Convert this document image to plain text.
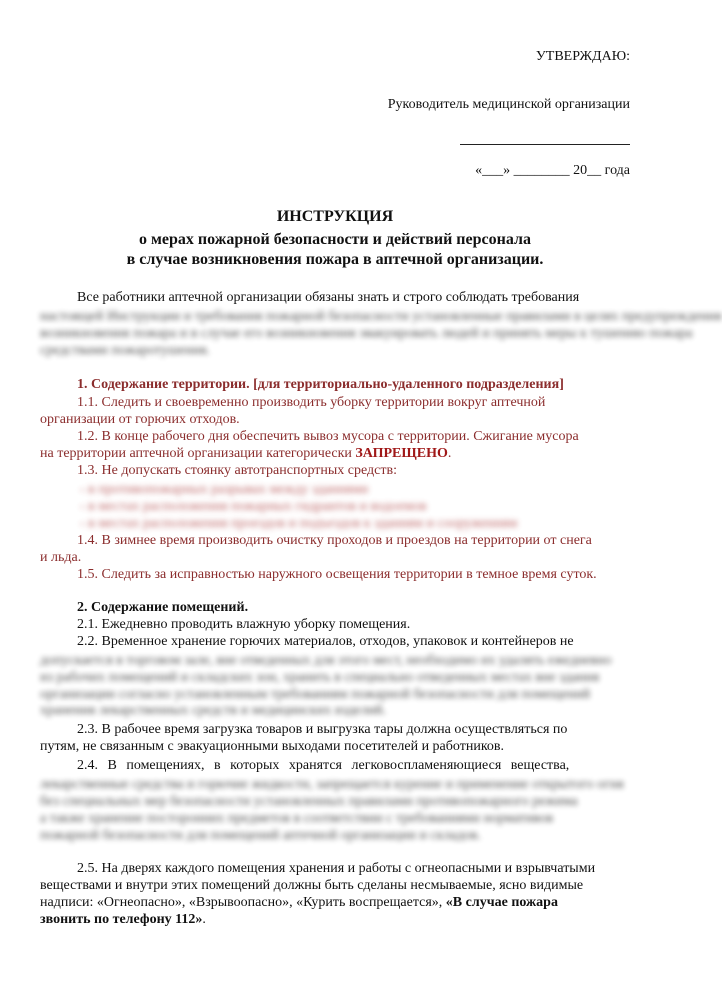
УТВЕРЖДАЮ:
Руководитель медицинской организации
«___» ________ 20__ года
ИНСТРУКЦИЯ
о мерах пожарной безопасности и действий персонала
в случае возникновения пожара в аптечной организации.
Все работники аптечной организации обязаны знать и строго соблюдать требования
настоящей Инструкции и требования пожарной безопасности установленные правилами в целях предупреждения
возникновения пожара и в случае его возникновения эвакуировать людей и принять меры к тушению пожара
средствами пожаротушения.
1. Содержание территории. [для территориально-удаленного подразделения]
1.1. Следить и своевременно производить уборку территории вокруг аптечной
организации от горючих отходов.
1.2. В конце рабочего дня обеспечить вывоз мусора с территории. Сжигание мусора
на территории аптечной организации категорически ЗАПРЕЩЕНО.
1.3. Не допускать стоянку автотранспортных средств:
- в противопожарных разрывах между зданиями
- в местах расположения пожарных гидрантов и водоемов
- в местах расположения проездов и подъездов к зданиям и сооружениям
1.4. В зимнее время производить очистку проходов и проездов на территории от снега
и льда.
1.5. Следить за исправностью наружного освещения территории в темное время суток.
2. Содержание помещений.
2.1. Ежедневно проводить влажную уборку помещения.
2.2. Временное хранение горючих материалов, отходов, упаковок и контейнеров не
допускается в торговом зале, вне отведенных для этого мест, необходимо их удалять ежедневно
из рабочих помещений и складских зон, хранить в специально отведенных местах вне здания
организации согласно установленным требованиям пожарной безопасности для помещений
хранения лекарственных средств и медицинских изделий.
2.3. В рабочее время загрузка товаров и выгрузка тары должна осуществляться по
путям, не связанным с эвакуационными выходами посетителей и работников.
2.4. В помещениях, в которых хранятся легковоспламеняющиеся вещества,
лекарственные средства и горючие жидкости, запрещается курение и применение открытого огня
без специальных мер безопасности установленных правилами противопожарного режима
а также хранение посторонних предметов в соответствии с требованиями нормативов
пожарной безопасности для помещений аптечной организации и складов.
2.5. На дверях каждого помещения хранения и работы с огнеопасными и взрывчатыми
веществами и внутри этих помещений должны быть сделаны несмываемые, ясно видимые
надписи: «Огнеопасно», «Взрывоопасно», «Курить воспрещается», «В случае пожара
звонить по телефону 112».
